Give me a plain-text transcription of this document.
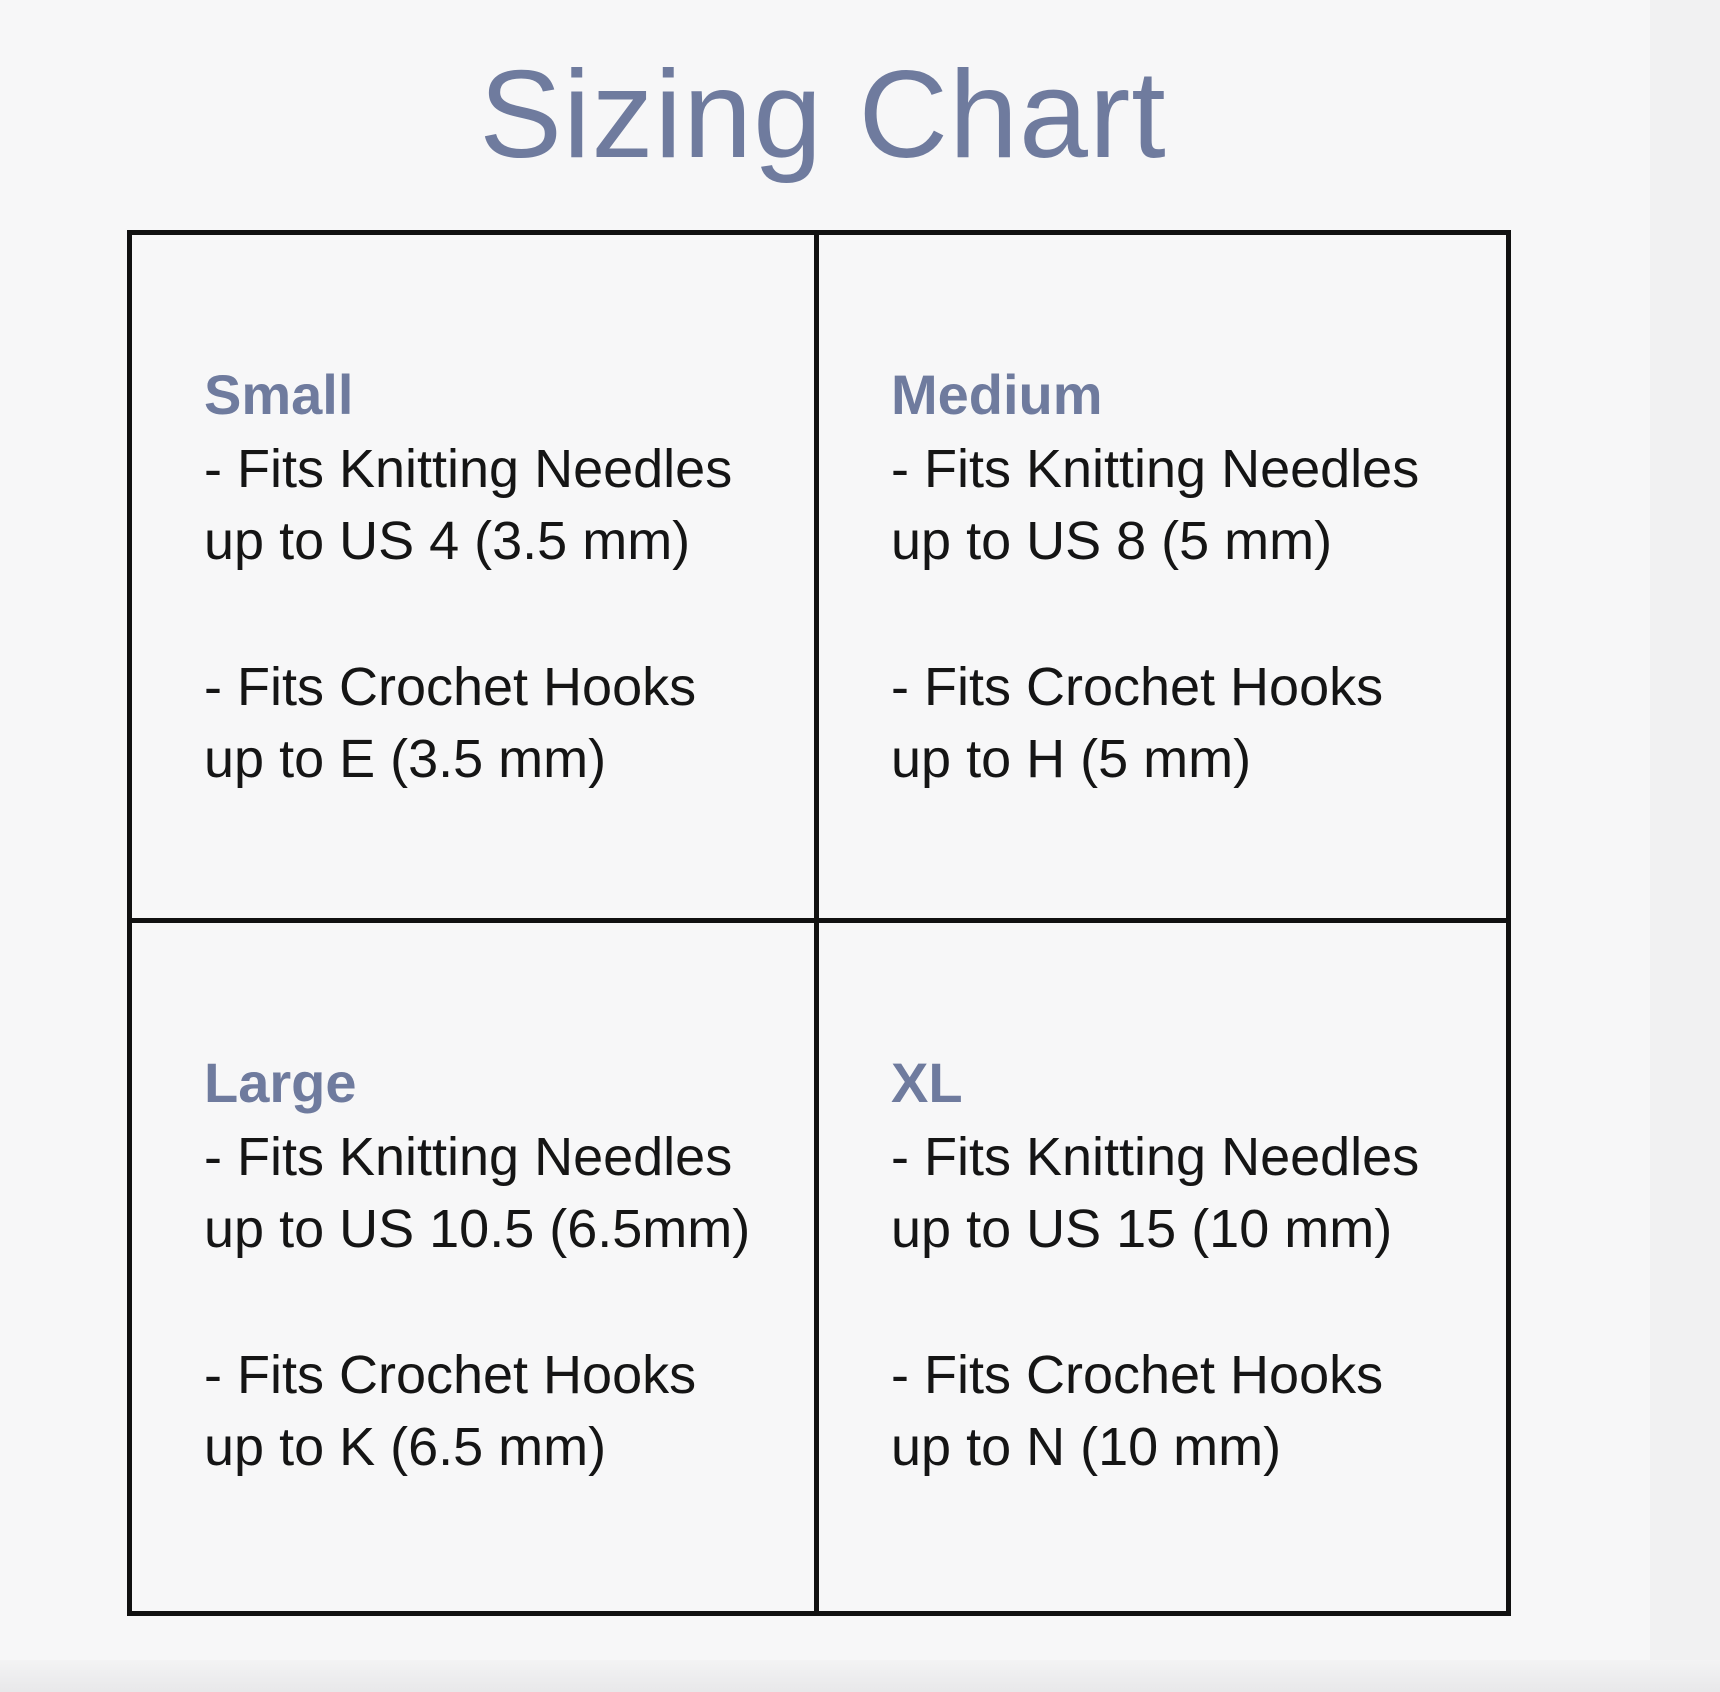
Sizing Chart
Small
- Fits Knitting Needles
up to US 4 (3.5 mm)
- Fits Crochet Hooks
up to E (3.5 mm)
Medium
- Fits Knitting Needles
up to US 8 (5 mm)
- Fits Crochet Hooks
up to H (5 mm)
Large
- Fits Knitting Needles
up to US 10.5 (6.5mm)
- Fits Crochet Hooks
up to K (6.5 mm)
XL
- Fits Knitting Needles
up to US 15 (10 mm)
- Fits Crochet Hooks
up to N (10 mm)
